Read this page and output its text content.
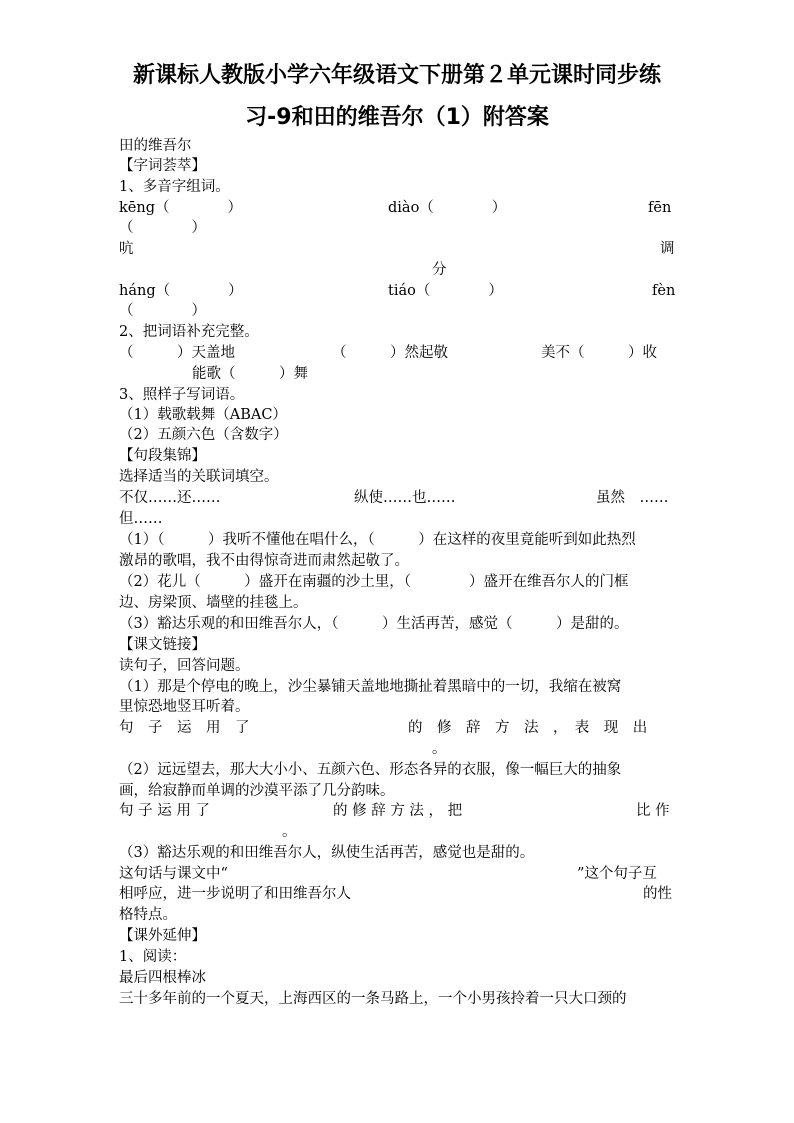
新课标人教版小学六年级语文下册第２单元课时同步练
习-9和田的维吾尔（1）附答案
田的维吾尔
【字词荟萃】
1、多音字组词。
kēng（　　　　）	diào（　　　　）	fēn
（　　　　）
吭	调
分
háng（　　　　）	tiáo（　　　　）	fèn
（　　　　）
2、把词语补充完整。
（　　　）天盖地	（　　　）然起敬	美不（　　　）收
能歌（　　　）舞
3、照样子写词语。
（1）载歌载舞（ABAC）
（2）五颜六色（含数字）
【句段集锦】
选择适当的关联词填空。
不仅……还……	纵使……也……	虽然　……
但……
（1）（　　　）我听不懂他在唱什么，（　　　）在这样的夜里竟能听到如此热烈
激昂的歌唱，我不由得惊奇进而肃然起敬了。
（2）花儿（　　　）盛开在南疆的沙土里，（　　　　）盛开在维吾尔人的门框
边、房梁顶、墙壁的挂毯上。
（3）豁达乐观的和田维吾尔人，（　　　）生活再苦，感觉（　　　）是甜的。
【课文链接】
读句子，回答问题。
（1）那是个停电的晚上，沙尘暴铺天盖地地撕扯着黑暗中的一切，我缩在被窝
里惊恐地竖耳听着。
句　子　运　用　了	的　修　辞　方　法　，　表　现　出
。
（2）远远望去，那大大小小、五颜六色、形态各异的衣服，像一幅巨大的抽象
画，给寂静而单调的沙漠平添了几分韵味。
句 子 运 用 了	的 修 辞 方 法 ， 把	比 作
。
（3）豁达乐观的和田维吾尔人，纵使生活再苦，感觉也是甜的。
这句话与课文中“	”这个句子互
相呼应，进一步说明了和田维吾尔人	的性
格特点。
【课外延伸】
1、阅读：
最后四根棒冰
三十多年前的一个夏天，上海西区的一条马路上，一个小男孩拎着一只大口颈的
